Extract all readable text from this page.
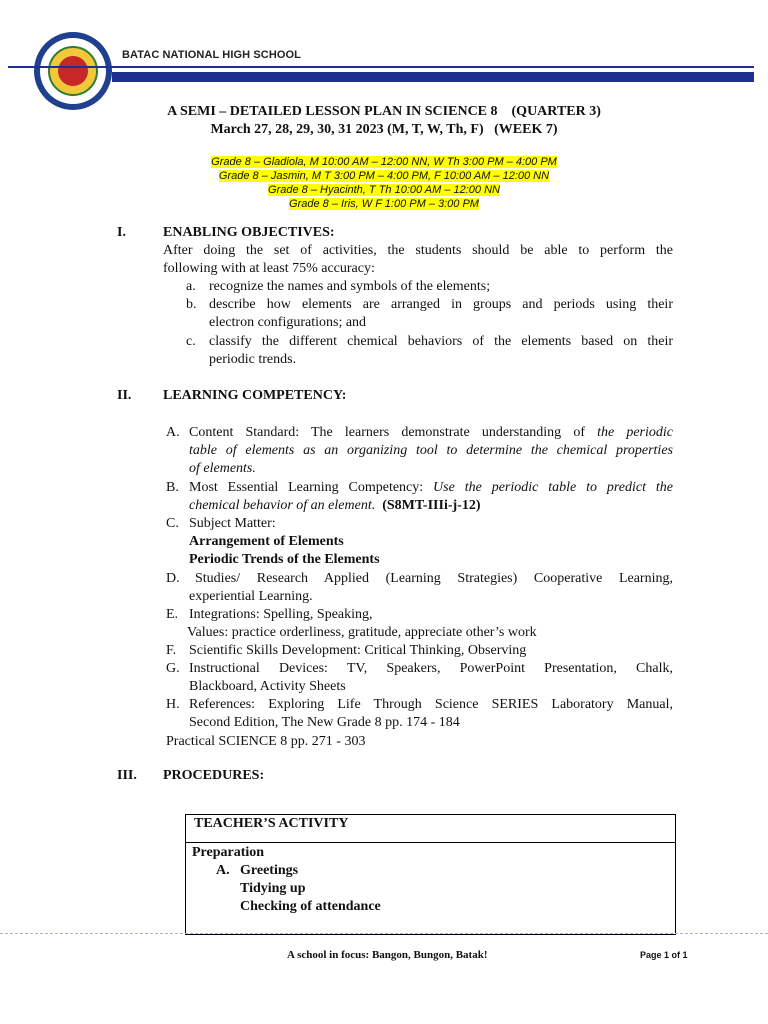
BATAC NATIONAL HIGH SCHOOL
A SEMI – DETAILED LESSON PLAN IN SCIENCE 8    (QUARTER 3)
March 27, 28, 29, 30, 31 2023 (M, T, W, Th, F)   (WEEK 7)
Grade 8 – Gladiola, M 10:00 AM – 12:00 NN, W Th 3:00 PM – 4:00 PM
Grade 8 – Jasmin, M T 3:00 PM – 4:00 PM, F 10:00 AM – 12:00 NN
Grade 8 – Hyacinth, T Th 10:00 AM – 12:00 NN
Grade 8 – Iris, W F 1:00 PM – 3:00 PM
I.	ENABLING OBJECTIVES:
After doing the set of activities, the students should be able to perform the
following with at least 75% accuracy:
a. recognize the names and symbols of the elements;
b. describe how elements are arranged in groups and periods using their
electron configurations; and
c. classify the different chemical behaviors of the elements based on their
periodic trends.
II. LEARNING COMPETENCY:
A. Content Standard: The learners demonstrate understanding of the periodic
table of elements as an organizing tool to determine the chemical properties
of elements.
B. Most Essential Learning Competency: Use the periodic table to predict the
chemical behavior of an element. (S8MT-IIIi-j-12)
C. Subject Matter:
Arrangement of Elements
Periodic Trends of the Elements
D. Studies/ Research Applied (Learning Strategies) Cooperative Learning,
experiential Learning.
E. Integrations: Spelling, Speaking,
Values: practice orderliness, gratitude, appreciate other’s work
F. Scientific Skills Development: Critical Thinking, Observing
G. Instructional Devices: TV, Speakers, PowerPoint Presentation, Chalk,
Blackboard, Activity Sheets
H. References: Exploring Life Through Science SERIES Laboratory Manual,
Second Edition, The New Grade 8 pp. 174 - 184
Practical SCIENCE 8 pp. 271 - 303
III. PROCEDURES:
TEACHER’S ACTIVITY
Preparation
A. Greetings
Tidying up
Checking of attendance
A school in focus: Bangon, Bungon, Batak!	Page 1 of 1
